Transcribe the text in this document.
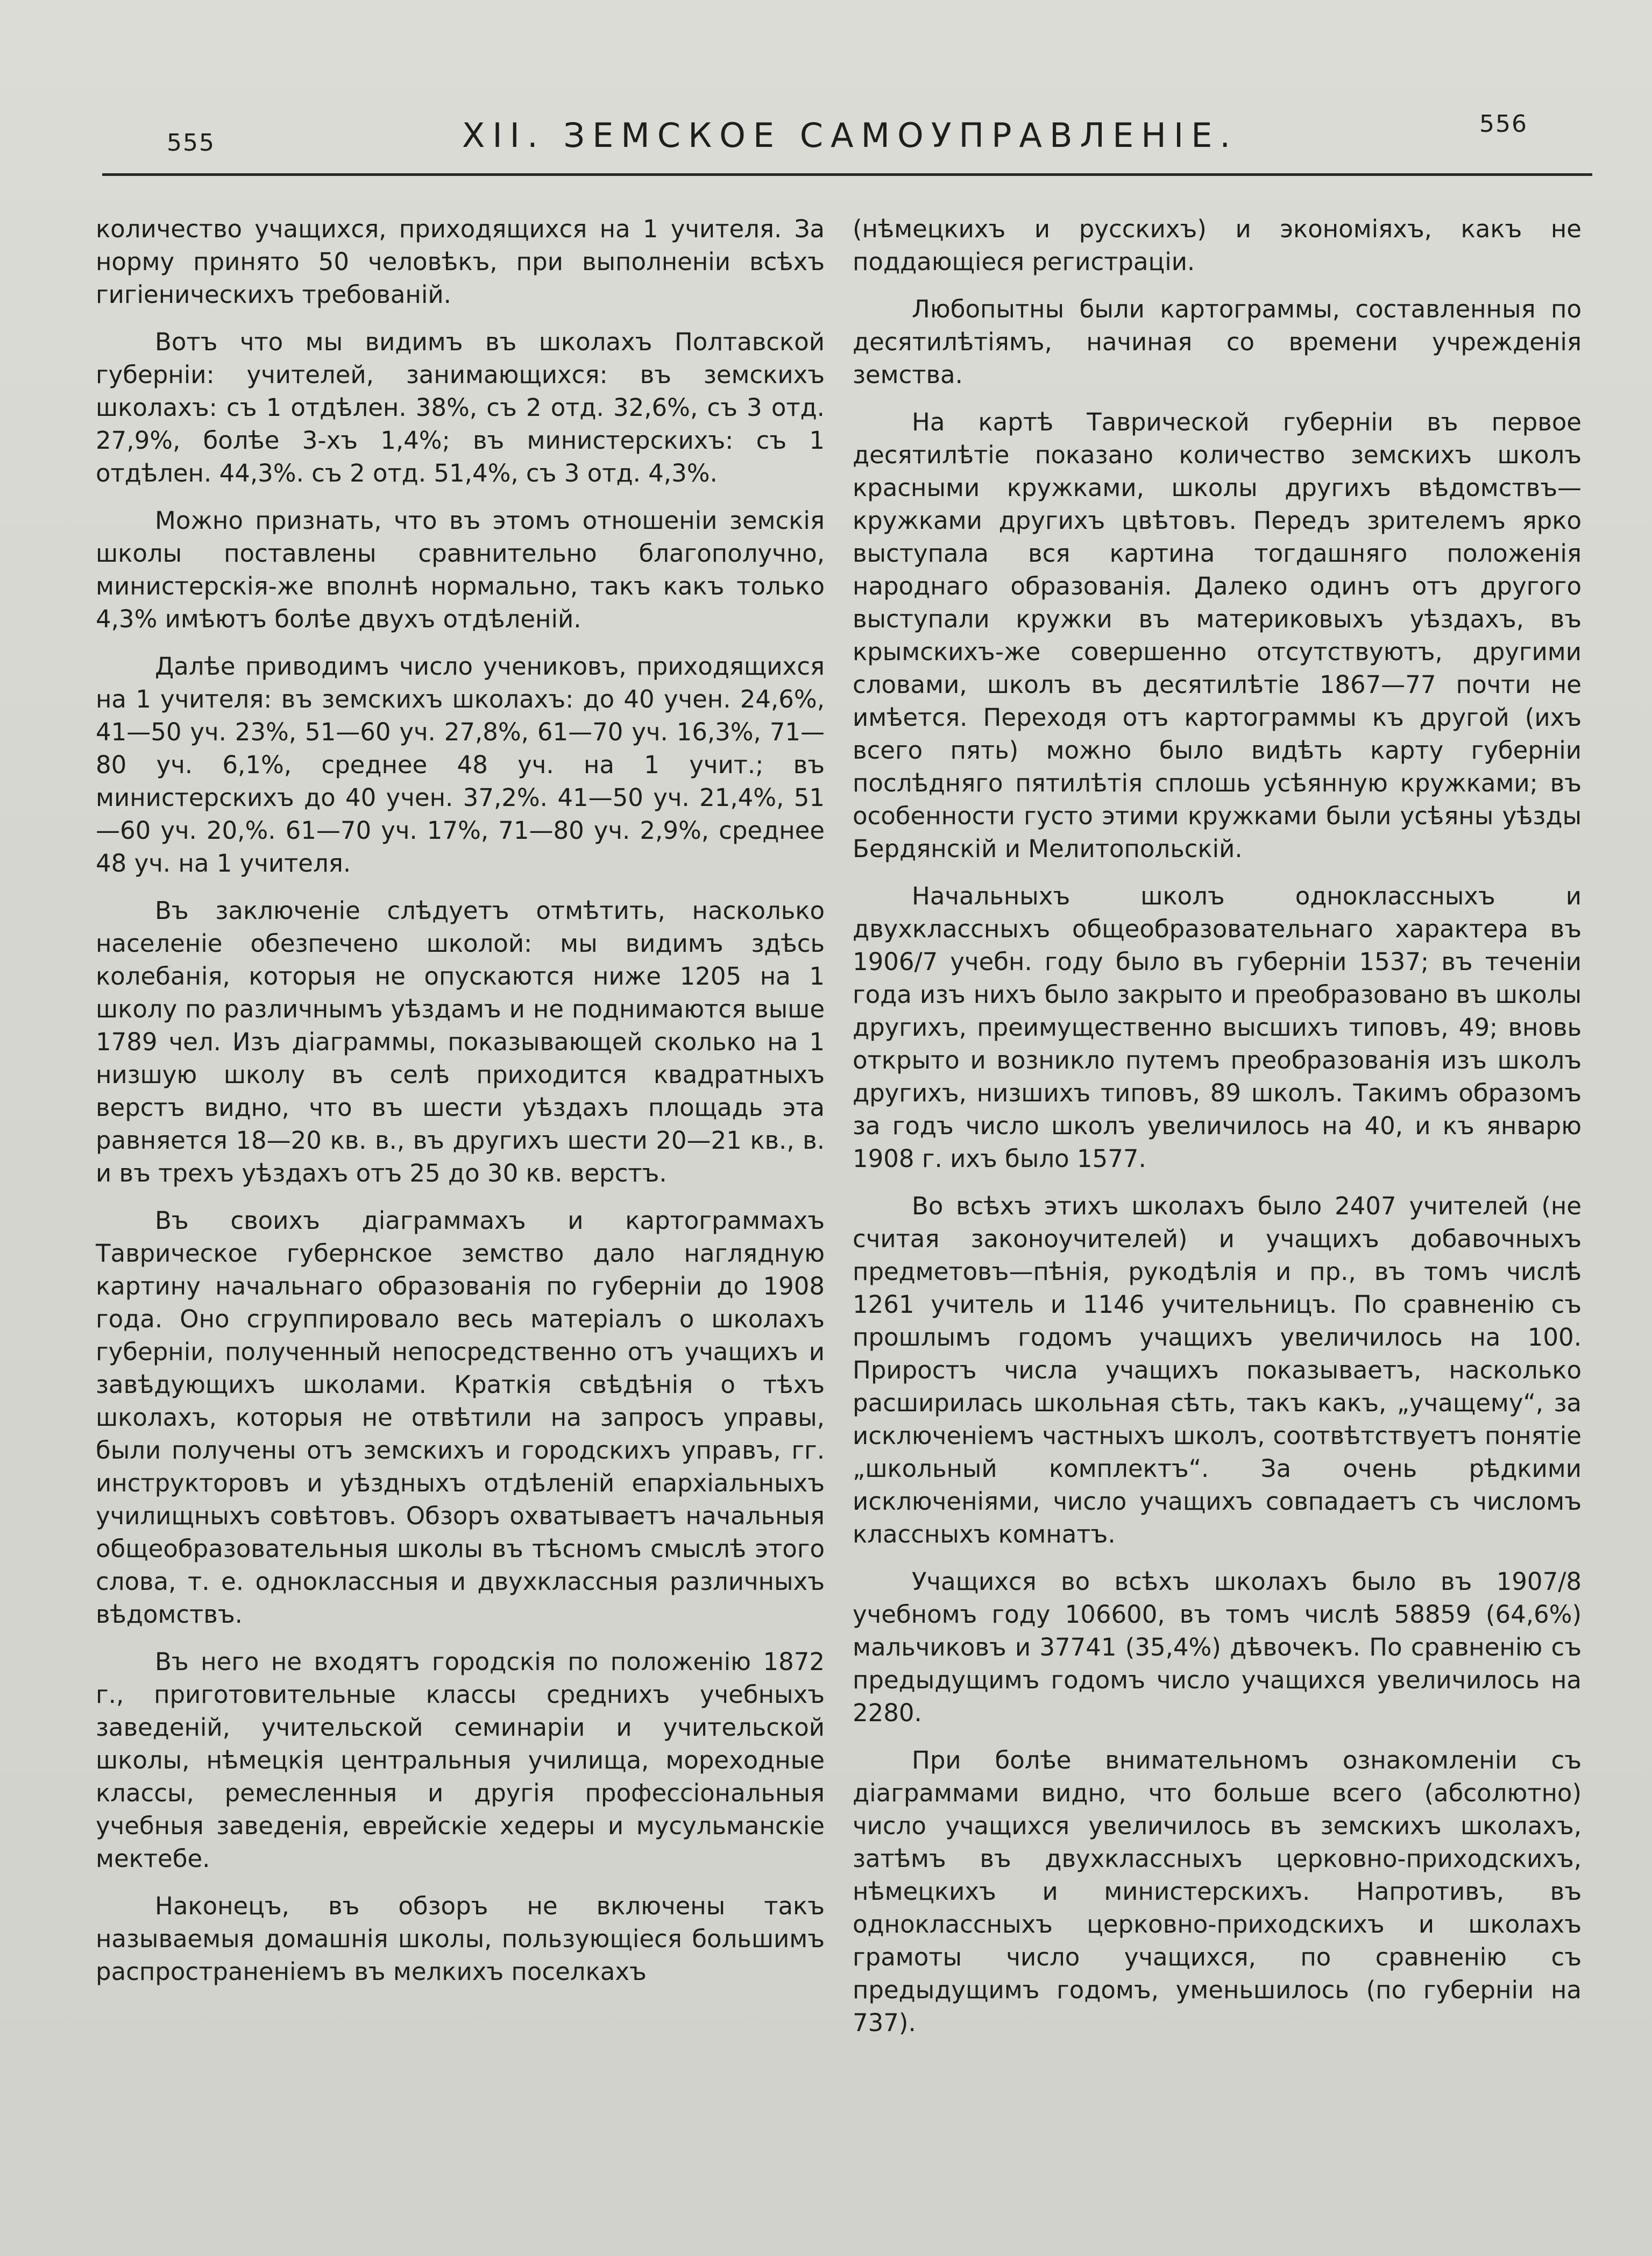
555	XII. ЗЕМСКОЕ САМОУПРАВЛЕНІЕ.	556

количество учащихся, приходящихся на 1 учителя. За норму принято 50 человѣкъ, при выполненіи всѣхъ гигіеническихъ требованій.

Вотъ что мы видимъ въ школахъ Полтавской губерніи: учителей, занимающихся: въ земскихъ школахъ: съ 1 отдѣлен. 38%, съ 2 отд. 32,6%, съ 3 отд. 27,9%, болѣе 3-хъ 1,4%; въ министерскихъ: съ 1 отдѣлен. 44,3%. съ 2 отд. 51,4%, съ 3 отд. 4,3%.

Можно признать, что въ этомъ отношеніи земскія школы поставлены сравнительно благополучно, министерскія-же вполнѣ нормально, такъ какъ только 4,3% имѣютъ болѣе двухъ отдѣленій.

Далѣе приводимъ число учениковъ, приходящихся на 1 учителя: въ земскихъ школахъ: до 40 учен. 24,6%, 41—50 уч. 23%, 51—60 уч. 27,8%, 61—70 уч. 16,3%, 71—80 уч. 6,1%, среднее 48 уч. на 1 учит.; въ министерскихъ до 40 учен. 37,2%. 41—50 уч. 21,4%, 51—60 уч. 20,%. 61—70 уч. 17%, 71—80 уч. 2,9%, среднее 48 уч. на 1 учителя.

Въ заключеніе слѣдуетъ отмѣтить, насколько населеніе обезпечено школой: мы видимъ здѣсь колебанія, которыя не опускаются ниже 1205 на 1 школу по различнымъ уѣздамъ и не поднимаются выше 1789 чел. Изъ діаграммы, показывающей сколько на 1 низшую школу въ селѣ приходится квадратныхъ верстъ видно, что въ шести уѣздахъ площадь эта равняется 18—20 кв. в., въ другихъ шести 20—21 кв., в. и въ трехъ уѣздахъ отъ 25 до 30 кв. верстъ.

Въ своихъ діаграммахъ и картограммахъ Таврическое губернское земство дало наглядную картину начальнаго образованія по губерніи до 1908 года. Оно сгруппировало весь матеріалъ о школахъ губерніи, полученный непосредственно отъ учащихъ и завѣдующихъ школами. Краткія свѣдѣнія о тѣхъ школахъ, которыя не отвѣтили на запросъ управы, были получены отъ земскихъ и городскихъ управъ, гг. инструкторовъ и уѣздныхъ отдѣленій епархіальныхъ училищныхъ совѣтовъ. Обзоръ охватываетъ начальныя общеобразовательныя школы въ тѣсномъ смыслѣ этого слова, т. е. одноклассныя и двухклассныя различныхъ вѣдомствъ.

Въ него не входятъ городскія по положенію 1872 г., приготовительные классы среднихъ учебныхъ заведеній, учительской семинаріи и учительской школы, нѣмецкія центральныя училища, мореходные классы, ремесленныя и другія профессіональныя учебныя заведенія, еврейскіе хедеры и мусульманскіе мектебе.

Наконецъ, въ обзоръ не включены такъ называемыя домашнія школы, пользующіеся большимъ распространеніемъ въ мелкихъ поселкахъ

(нѣмецкихъ и русскихъ) и экономіяхъ, какъ не поддающіеся регистраціи.

Любопытны были картограммы, составленныя по десятилѣтіямъ, начиная со времени учрежденія земства.

На картѣ Таврической губерніи въ первое десятилѣтіе показано количество земскихъ школъ красными кружками, школы другихъ вѣдомствъ—кружками другихъ цвѣтовъ. Передъ зрителемъ ярко выступала вся картина тогдашняго положенія народнаго образованія. Далеко одинъ отъ другого выступали кружки въ материковыхъ уѣздахъ, въ крымскихъ-же совершенно отсутствуютъ, другими словами, школъ въ десятилѣтіе 1867—77 почти не имѣется. Переходя отъ картограммы къ другой (ихъ всего пять) можно было видѣть карту губерніи послѣдняго пятилѣтія сплошь усѣянную кружками; въ особенности густо этими кружками были усѣяны уѣзды Бердянскій и Мелитопольскій.

Начальныхъ школъ одноклассныхъ и двухклассныхъ общеобразовательнаго характера въ 1906/7 учебн. году было въ губерніи 1537; въ теченіи года изъ нихъ было закрыто и преобразовано въ школы другихъ, преимущественно высшихъ типовъ, 49; вновь открыто и возникло путемъ преобразованія изъ школъ другихъ, низшихъ типовъ, 89 школъ. Такимъ образомъ за годъ число школъ увеличилось на 40, и къ январю 1908 г. ихъ было 1577.

Во всѣхъ этихъ школахъ было 2407 учителей (не считая законоучителей) и учащихъ добавочныхъ предметовъ—пѣнія, рукодѣлія и пр., въ томъ числѣ 1261 учитель и 1146 учительницъ. По сравненію съ прошлымъ годомъ учащихъ увеличилось на 100. Приростъ числа учащихъ показываетъ, насколько расширилась школьная сѣть, такъ какъ, „учащему“, за исключеніемъ частныхъ школъ, соотвѣтствуетъ понятіе „школьный комплектъ“. За очень рѣдкими исключеніями, число учащихъ совпадаетъ съ числомъ классныхъ комнатъ.

Учащихся во всѣхъ школахъ было въ 1907/8 учебномъ году 106600, въ томъ числѣ 58859 (64,6%) мальчиковъ и 37741 (35,4%) дѣвочекъ. По сравненію съ предыдущимъ годомъ число учащихся увеличилось на 2280.

При болѣе внимательномъ ознакомленіи съ діаграммами видно, что больше всего (абсолютно) число учащихся увеличилось въ земскихъ школахъ, затѣмъ въ двухклассныхъ церковно-приходскихъ, нѣмецкихъ и министерскихъ. Напротивъ, въ одноклассныхъ церковно-приходскихъ и школахъ грамоты число учащихся, по сравненію съ предыдущимъ годомъ, уменьшилось (по губерніи на 737).
